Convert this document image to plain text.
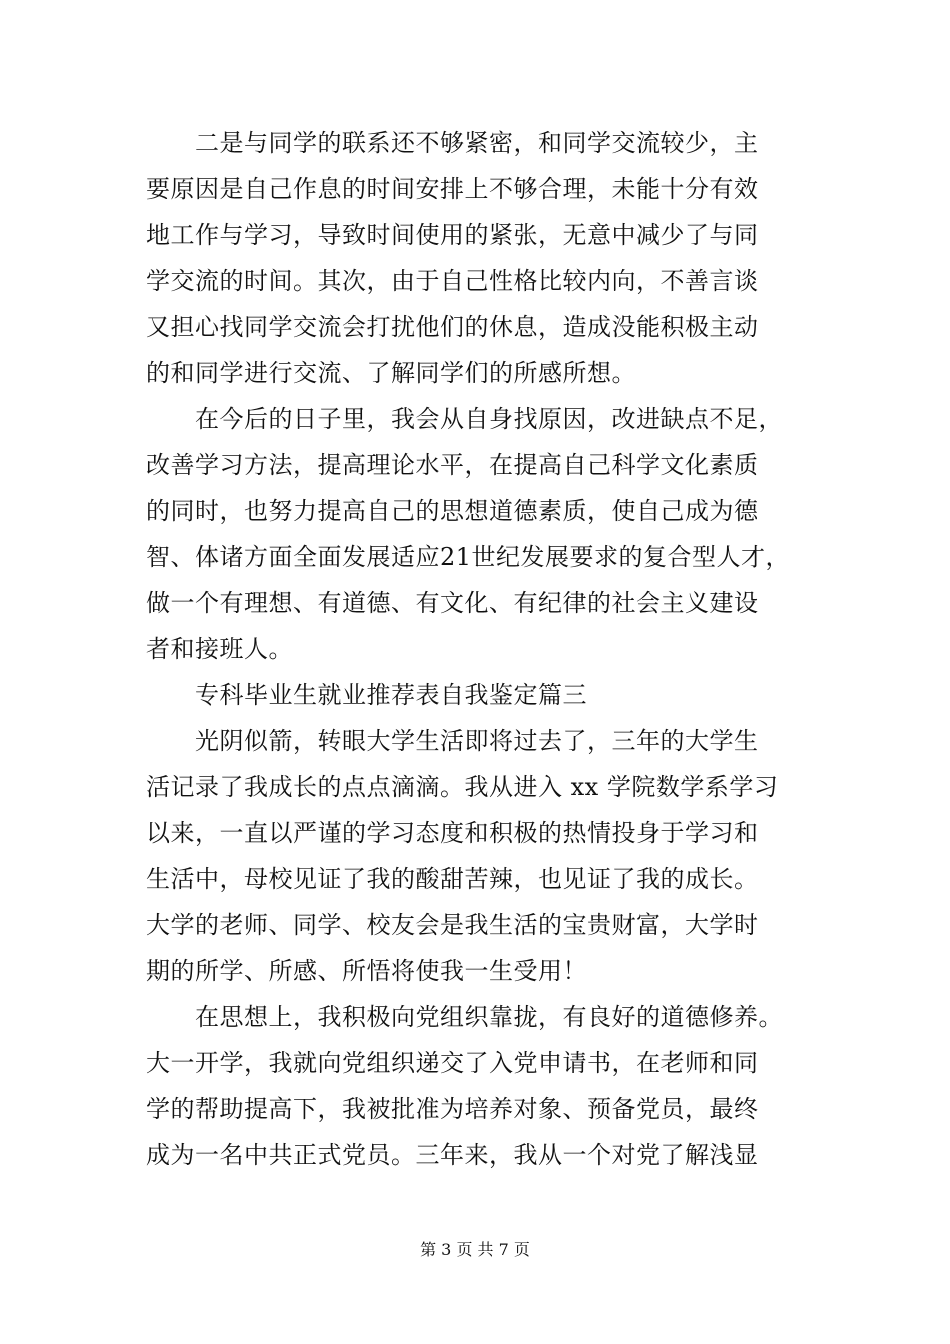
二是与同学的联系还不够紧密，和同学交流较少，主
要原因是自己作息的时间安排上不够合理，未能十分有效
地工作与学习，导致时间使用的紧张，无意中减少了与同
学交流的时间。其次，由于自己性格比较内向，不善言谈
又担心找同学交流会打扰他们的休息，造成没能积极主动
的和同学进行交流、了解同学们的所感所想。
在今后的日子里，我会从自身找原因，改进缺点不足，
改善学习方法，提高理论水平，在提高自己科学文化素质
的同时，也努力提高自己的思想道德素质，使自己成为德
智、体诸方面全面发展适应21世纪发展要求的复合型人才，
做一个有理想、有道德、有文化、有纪律的社会主义建设
者和接班人。
专科毕业生就业推荐表自我鉴定篇三
光阴似箭，转眼大学生活即将过去了，三年的大学生
活记录了我成长的点点滴滴。我从进入 xx 学院数学系学习
以来，一直以严谨的学习态度和积极的热情投身于学习和
生活中，母校见证了我的酸甜苦辣，也见证了我的成长。
大学的老师、同学、校友会是我生活的宝贵财富，大学时
期的所学、所感、所悟将使我一生受用！
在思想上，我积极向党组织靠拢，有良好的道德修养。
大一开学，我就向党组织递交了入党申请书，在老师和同
学的帮助提高下，我被批准为培养对象、预备党员，最终
成为一名中共正式党员。三年来，我从一个对党了解浅显
第 3 页 共 7 页
